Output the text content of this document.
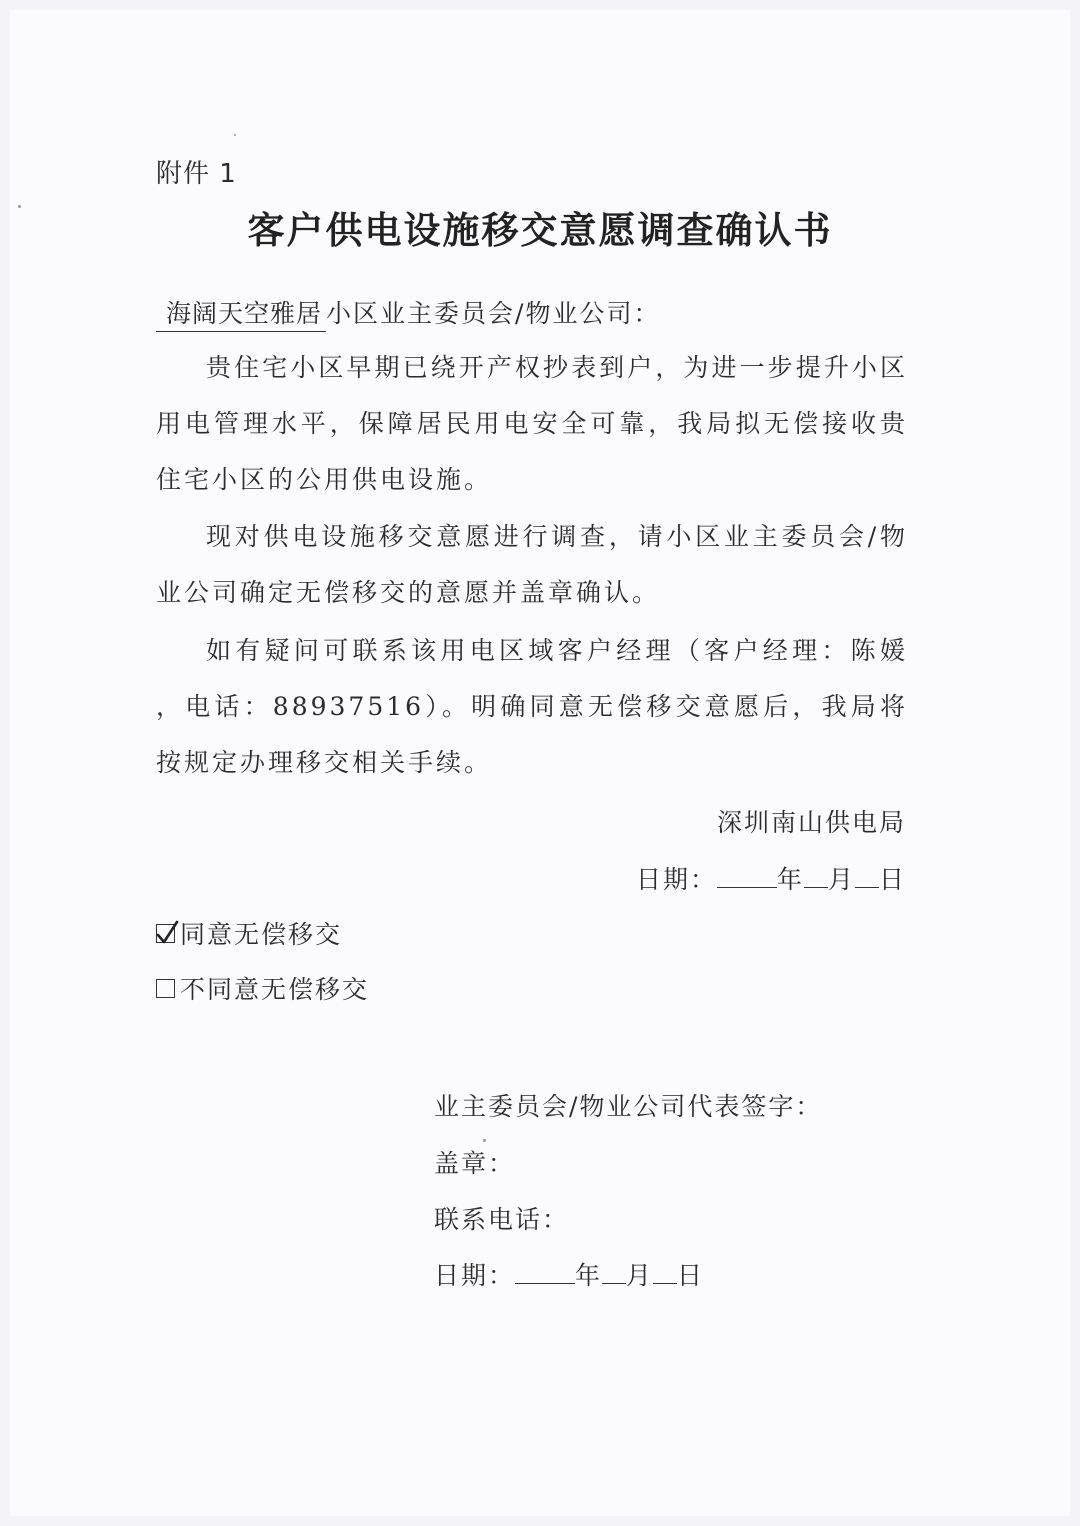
附件 1
客户供电设施移交意愿调查确认书
海阔天空雅居 小区业主委员会/物业公司：
贵住宅小区早期已绕开产权抄表到户，为进一步提升小区用电管理水平，保障居民用电安全可靠，我局拟无偿接收贵住宅小区的公用供电设施。
现对供电设施移交意愿进行调查，请小区业主委员会/物业公司确定无偿移交的意愿并盖章确认。
如有疑问可联系该用电区域客户经理（客户经理：陈媛 ，电话：88937516）。明确同意无偿移交意愿后，我局将按规定办理移交相关手续。
深圳南山供电局
日期： 年 月 日
同意无偿移交
不同意无偿移交
业主委员会/物业公司代表签字：
盖章：
联系电话：
日期： 年 月 日
